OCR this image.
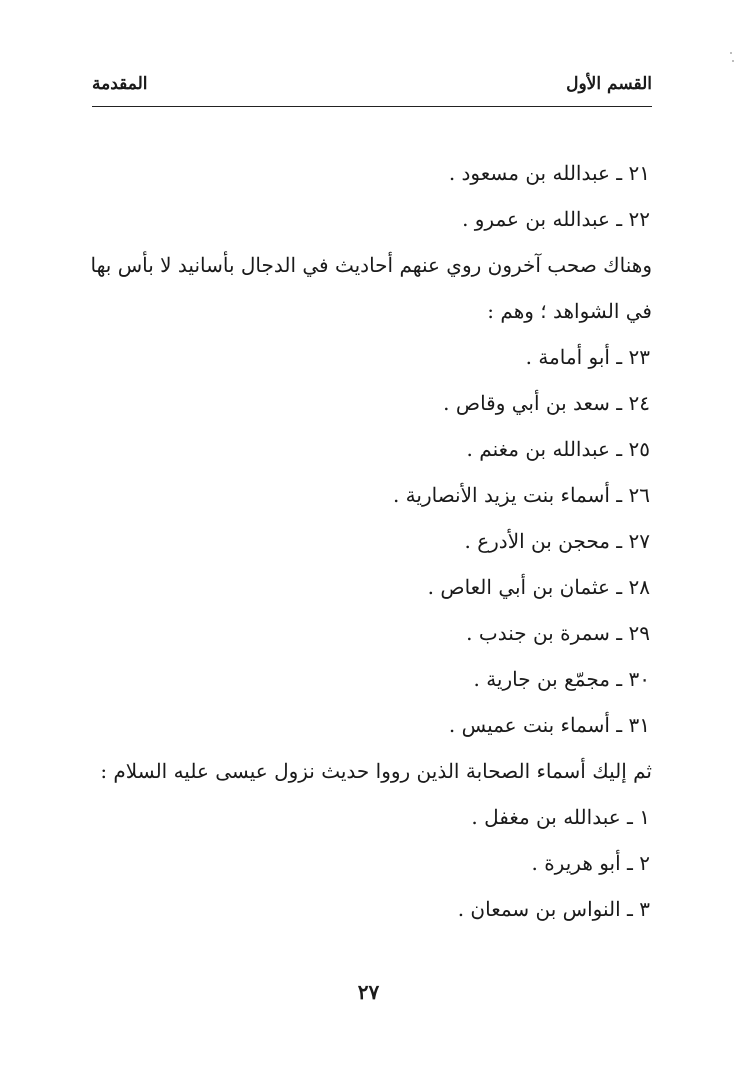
القسم الأول
المقدمة

٢١ ـ عبدالله بن مسعود .

٢٢ ـ عبدالله بن عمرو .

وهناك صحب آخرون روي عنهم أحاديث في الدجال بأسانيد لا بأس بها

في الشواهد ؛ وهم :

٢٣ ـ أبو أمامة .

٢٤ ـ سعد بن أبي وقاص .

٢٥ ـ عبدالله بن مغنم .

٢٦ ـ أسماء بنت يزيد الأنصارية .

٢٧ ـ محجن بن الأدرع .

٢٨ ـ عثمان بن أبي العاص .

٢٩ ـ سمرة بن جندب .

٣٠ ـ مجمّع بن جارية .

٣١ ـ أسماء بنت عميس .

ثم إليك أسماء الصحابة الذين رووا حديث نزول عيسى عليه السلام :

١ ـ عبدالله بن مغفل .

٢ ـ أبو هريرة .

٣ ـ النواس بن سمعان .

٢٧
